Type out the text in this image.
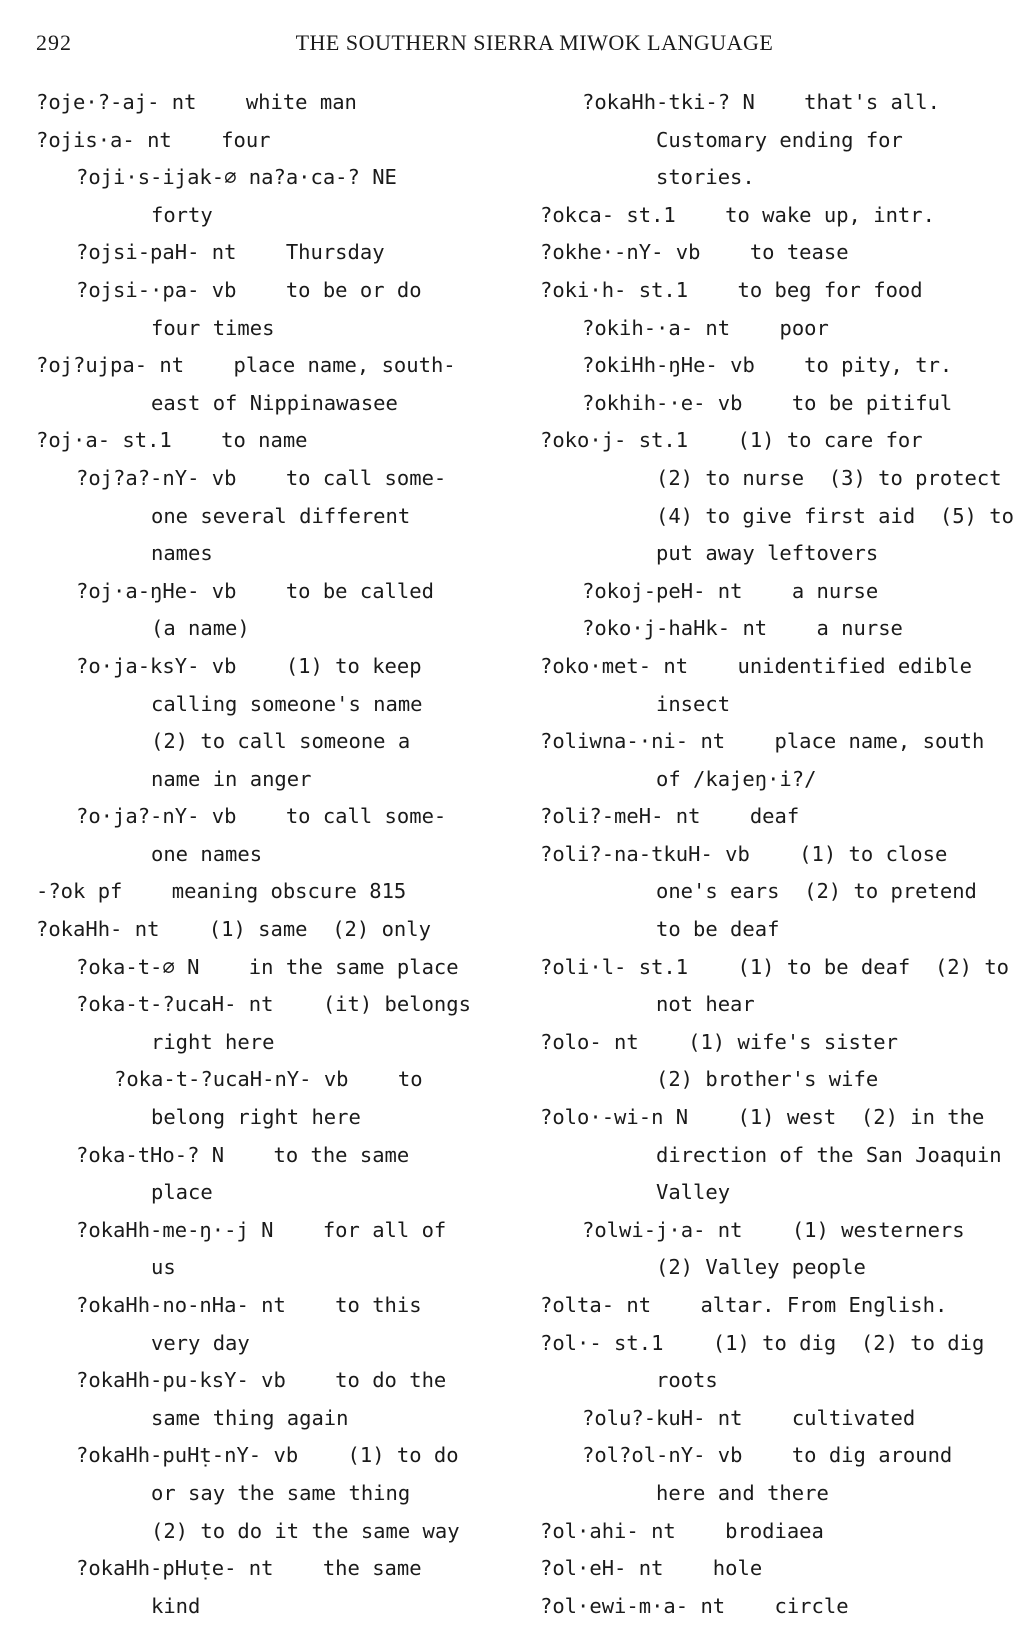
292	THE SOUTHERN SIERRA MIWOK LANGUAGE
?oje·?-aj- nt    white man
?ojis·a- nt    four
?oji·s-ijak-∅ na?a·ca-? NE
forty
?ojsi-paH- nt    Thursday
?ojsi-·pa- vb    to be or do
four times
?oj?ujpa- nt    place name, south-
east of Nippinawasee
?oj·a- st.1    to name
?oj?a?-nY- vb    to call some-
one several different
names
?oj·a-ŋHe- vb    to be called
(a name)
?o·ja-ksY- vb    (1) to keep
calling someone's name
(2) to call someone a
name in anger
?o·ja?-nY- vb    to call some-
one names
-?ok pf    meaning obscure 815
?okaHh- nt    (1) same  (2) only
?oka-t-∅ N    in the same place
?oka-t-?ucaH- nt    (it) belongs
right here
?oka-t-?ucaH-nY- vb    to
belong right here
?oka-tHo-? N    to the same
place
?okaHh-me-ŋ·-j N    for all of
us
?okaHh-no-nHa- nt    to this
very day
?okaHh-pu-ksY- vb    to do the
same thing again
?okaHh-puHṭ-nY- vb    (1) to do
or say the same thing
(2) to do it the same way
?okaHh-pHuṭe- nt    the same
kind
?okaHh-tki-? N    that's all.
Customary ending for
stories.
?okca- st.1    to wake up, intr.
?okhe·-nY- vb    to tease
?oki·h- st.1    to beg for food
?okih-·a- nt    poor
?okiHh-ŋHe- vb    to pity, tr.
?okhih-·e- vb    to be pitiful
?oko·j- st.1    (1) to care for
(2) to nurse  (3) to protect
(4) to give first aid  (5) to
put away leftovers
?okoj-peH- nt    a nurse
?oko·j-haHk- nt    a nurse
?oko·met- nt    unidentified edible
insect
?oliwna-·ni- nt    place name, south
of /kajeŋ·i?/
?oli?-meH- nt    deaf
?oli?-na-tkuH- vb    (1) to close
one's ears  (2) to pretend
to be deaf
?oli·l- st.1    (1) to be deaf  (2) to
not hear
?olo- nt    (1) wife's sister
(2) brother's wife
?olo·-wi-n N    (1) west  (2) in the
direction of the San Joaquin
Valley
?olwi-j·a- nt    (1) westerners
(2) Valley people
?olta- nt    altar. From English.
?ol·- st.1    (1) to dig  (2) to dig
roots
?olu?-kuH- nt    cultivated
?ol?ol-nY- vb    to dig around
here and there
?ol·ahi- nt    brodiaea
?ol·eH- nt    hole
?ol·ewi-m·a- nt    circle
